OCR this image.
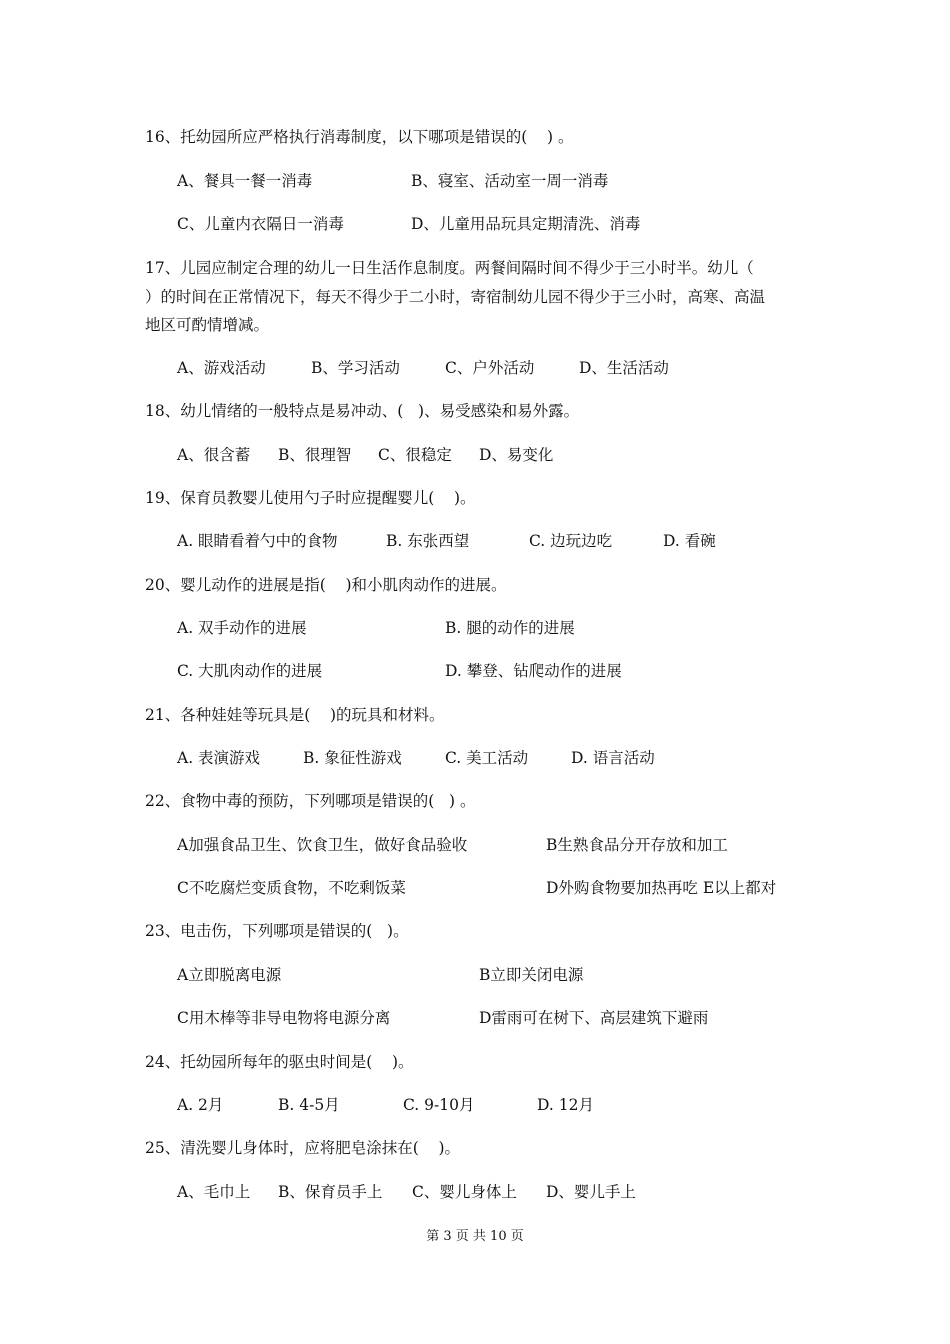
16、托幼园所应严格执行消毒制度，以下哪项是错误的(    ) 。
A、餐具一餐一消毒	B、寝室、活动室一周一消毒
C、儿童内衣隔日一消毒	D、儿童用品玩具定期清洗、消毒
17、儿园应制定合理的幼儿一日生活作息制度。两餐间隔时间不得少于三小时半。幼儿（
）的时间在正常情况下，每天不得少于二小时，寄宿制幼儿园不得少于三小时，高寒、高温
地区可酌情增减。
A、游戏活动	B、学习活动	C、户外活动	D、生活活动
18、幼儿情绪的一般特点是易冲动、(   )、易受感染和易外露。
A、很含蓄 B、很理智 C、很稳定 D、易变化
19、保育员教婴儿使用勺子时应提醒婴儿(    )。
A. 眼睛看着勺中的食物	B. 东张西望	C. 边玩边吃	D. 看碗
20、婴儿动作的进展是指(    )和小肌肉动作的进展。
A. 双手动作的进展	B. 腿的动作的进展
C. 大肌肉动作的进展	D. 攀登、钻爬动作的进展
21、各种娃娃等玩具是(    )的玩具和材料。
A. 表演游戏	B. 象征性游戏	C. 美工活动	D. 语言活动
22、食物中毒的预防，下列哪项是错误的(   ) 。
A加强食品卫生、饮食卫生，做好食品验收	B生熟食品分开存放和加工
C不吃腐烂变质食物，不吃剩饭菜	D外购食物要加热再吃 E以上都对
23、电击伤，下列哪项是错误的(   )。
A立即脱离电源	B立即关闭电源
C用木棒等非导电物将电源分离	D雷雨可在树下、高层建筑下避雨
24、托幼园所每年的驱虫时间是(    )。
A. 2月	B. 4-5月	C. 9-10月	D. 12月
25、清洗婴儿身体时，应将肥皂涂抹在(    )。
A、毛巾上 B、保育员手上 C、婴儿身体上 D、婴儿手上
第 3 页 共 10 页
